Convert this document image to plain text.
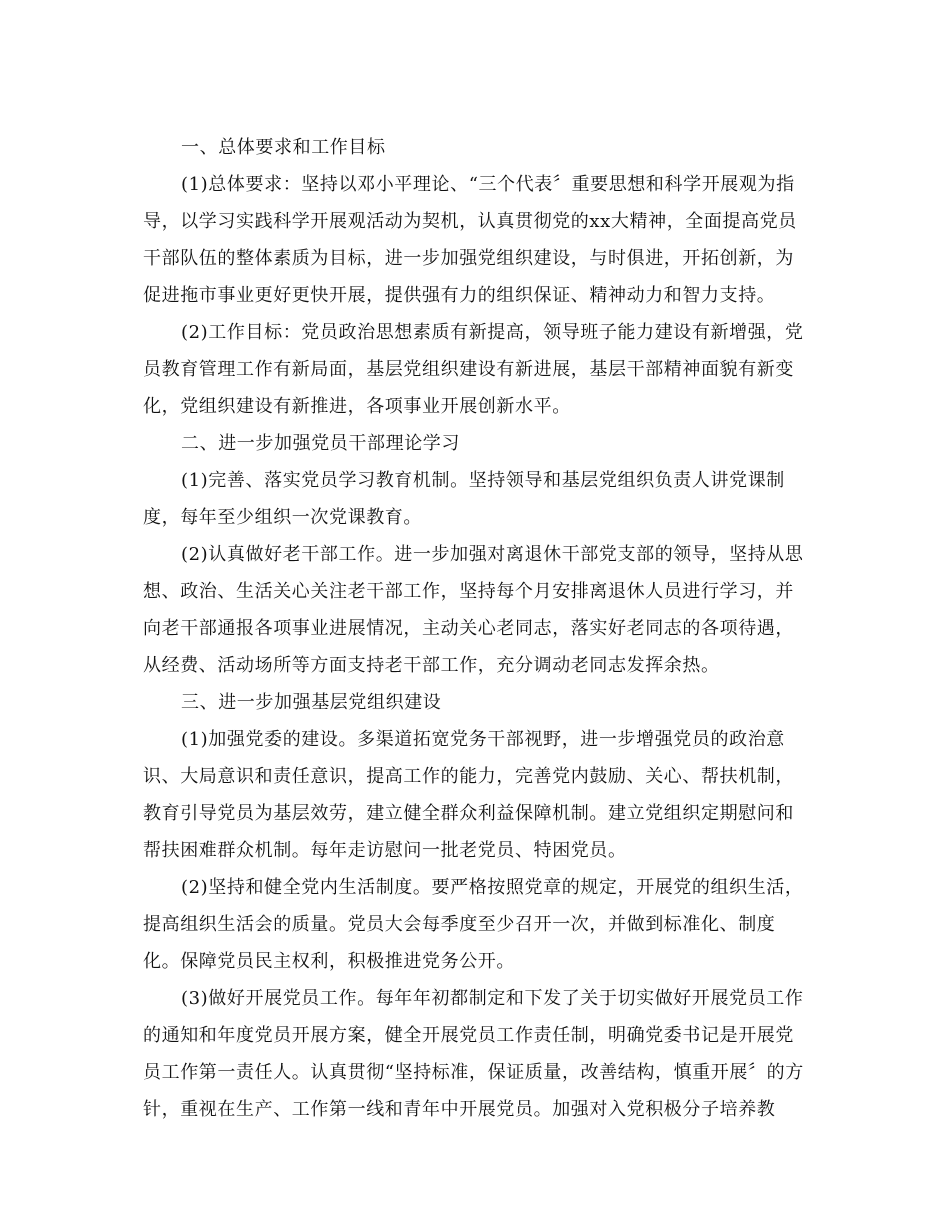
一、总体要求和工作目标
(1)总体要求：坚持以邓小平理论、“三个代表〞重要思想和科学开展观为指
导，以学习实践科学开展观活动为契机，认真贯彻党的xx大精神，全面提高党员
干部队伍的整体素质为目标，进一步加强党组织建设，与时俱进，开拓创新，为
促进拖市事业更好更快开展，提供强有力的组织保证、精神动力和智力支持。
(2)工作目标：党员政治思想素质有新提高，领导班子能力建设有新增强，党
员教育管理工作有新局面，基层党组织建设有新进展，基层干部精神面貌有新变
化，党组织建设有新推进，各项事业开展创新水平。
二、进一步加强党员干部理论学习
(1)完善、落实党员学习教育机制。坚持领导和基层党组织负责人讲党课制
度，每年至少组织一次党课教育。
(2)认真做好老干部工作。进一步加强对离退休干部党支部的领导，坚持从思
想、政治、生活关心关注老干部工作，坚持每个月安排离退休人员进行学习，并
向老干部通报各项事业进展情况，主动关心老同志，落实好老同志的各项待遇，
从经费、活动场所等方面支持老干部工作，充分调动老同志发挥余热。
三、进一步加强基层党组织建设
(1)加强党委的建设。多渠道拓宽党务干部视野，进一步增强党员的政治意
识、大局意识和责任意识，提高工作的能力，完善党内鼓励、关心、帮扶机制，
教育引导党员为基层效劳，建立健全群众利益保障机制。建立党组织定期慰问和
帮扶困难群众机制。每年走访慰问一批老党员、特困党员。
(2)坚持和健全党内生活制度。要严格按照党章的规定，开展党的组织生活，
提高组织生活会的质量。党员大会每季度至少召开一次，并做到标准化、制度
化。保障党员民主权利，积极推进党务公开。
(3)做好开展党员工作。每年年初都制定和下发了关于切实做好开展党员工作
的通知和年度党员开展方案，健全开展党员工作责任制，明确党委书记是开展党
员工作第一责任人。认真贯彻“坚持标准，保证质量，改善结构，慎重开展〞的方
针，重视在生产、工作第一线和青年中开展党员。加强对入党积极分子培养教
